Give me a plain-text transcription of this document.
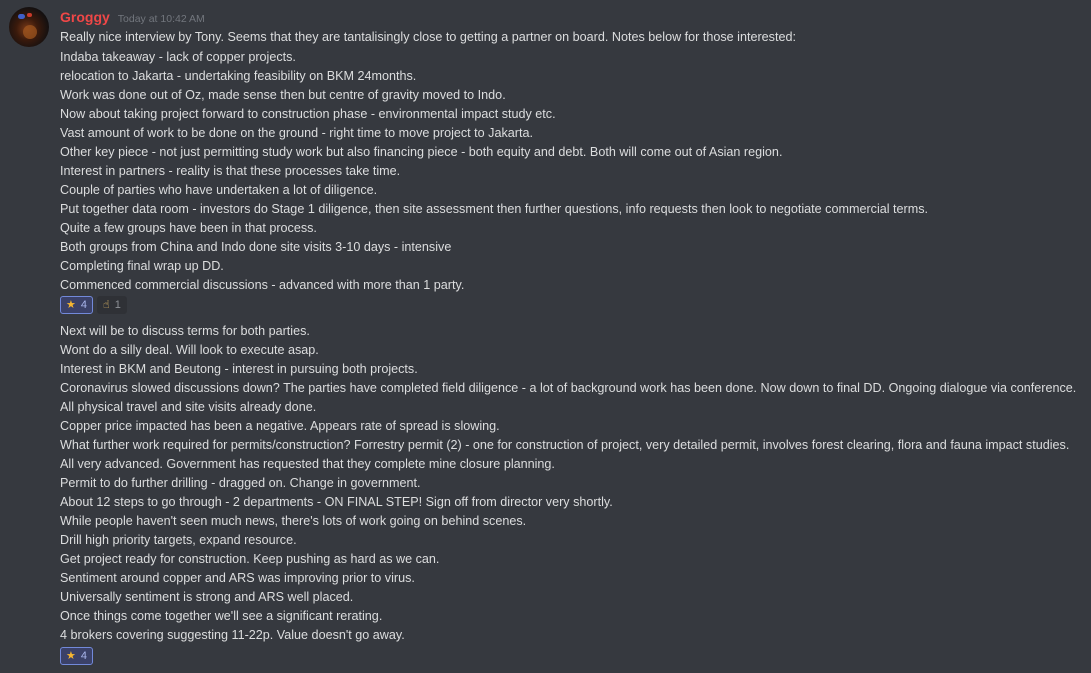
Groggy Today at 10:42 AM
Really nice interview by Tony. Seems that they are tantalisingly close to getting a partner on board. Notes below for those interested:
Indaba takeaway - lack of copper projects.
relocation to Jakarta - undertaking feasibility on BKM 24months.
Work was done out of Oz, made sense then but centre of gravity moved to Indo.
Now about taking project forward to construction phase - environmental impact study etc.
Vast amount of work to be done on the ground - right time to move project to Jakarta.
Other key piece - not just permitting study work but also financing piece - both equity and debt. Both will come out of Asian region.
Interest in partners - reality is that these processes take time.
Couple of parties who have undertaken a lot of diligence.
Put together data room - investors do Stage 1 diligence, then site assessment then further questions, info requests then look to negotiate commercial terms.
Quite a few groups have been in that process.
Both groups from China and Indo done site visits 3-10 days - intensive
Completing final wrap up DD.
Commenced commercial discussions - advanced with more than 1 party.
★ 4 ☝ 1
Next will be to discuss terms for both parties.
Wont do a silly deal. Will look to execute asap.
Interest in BKM and Beutong - interest in pursuing both projects.
Coronavirus slowed discussions down? The parties have completed field diligence - a lot of background work has been done. Now down to final DD. Ongoing dialogue via conference. All physical travel and site visits already done.
Copper price impacted has been a negative. Appears rate of spread is slowing.
What further work required for permits/construction? Forrestry permit (2) - one for construction of project, very detailed permit, involves forest clearing, flora and fauna impact studies. All very advanced. Government has requested that they complete mine closure planning.
Permit to do further drilling - dragged on. Change in government.
About 12 steps to go through - 2 departments - ON FINAL STEP! Sign off from director very shortly.
While people haven't seen much news, there's lots of work going on behind scenes.
Drill high priority targets, expand resource.
Get project ready for construction. Keep pushing as hard as we can.
Sentiment around copper and ARS was improving prior to virus.
Universally sentiment is strong and ARS well placed.
Once things come together we'll see a significant rerating.
4 brokers covering suggesting 11-22p. Value doesn't go away.
★ 4
